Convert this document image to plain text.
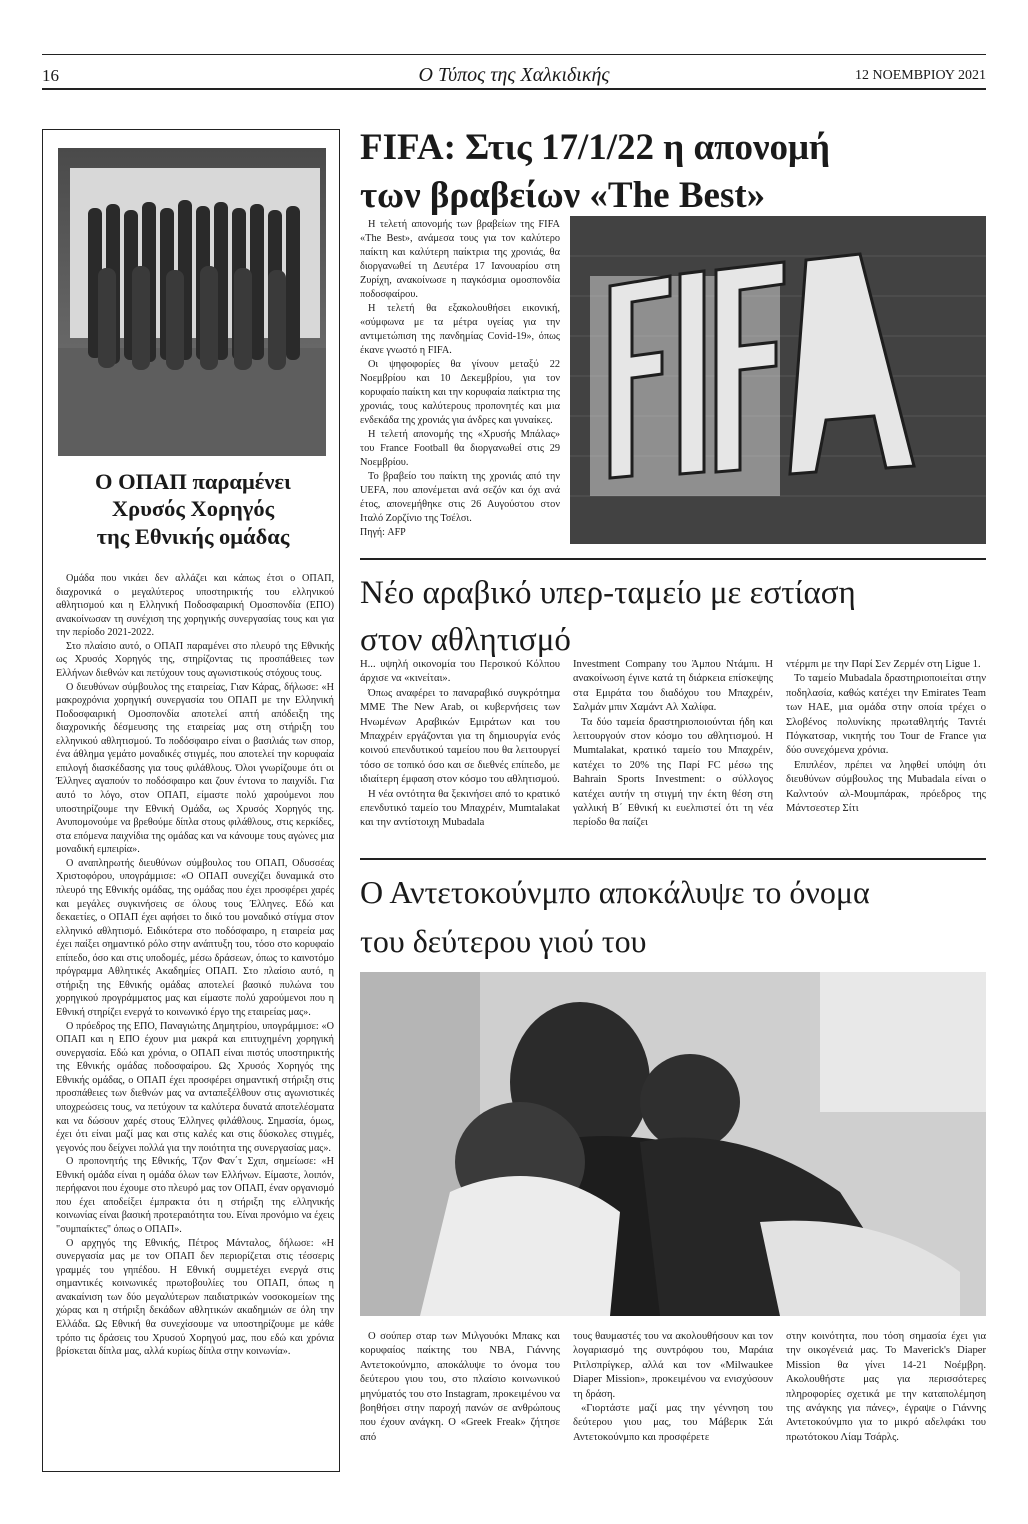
16	Ο Τύπος της Χαλκιδικής	12 ΝΟΕΜΒΡΙΟΥ 2021
Ο ΟΠΑΠ παραμένει
Χρυσός Χορηγός
της Εθνικής ομάδας

Ομάδα που νικάει δεν αλλάζει και κάπως έτσι ο ΟΠΑΠ, διαχρονικά ο μεγαλύτερος υποστηρικτής του ελληνικού αθλητισμού και η Ελληνική Ποδοσφαιρική Ομοσπονδία (ΕΠΟ) ανακοίνωσαν τη συνέχιση της χορηγικής συνεργασίας τους και για την περίοδο 2021-2022.

Στο πλαίσιο αυτό, ο ΟΠΑΠ παραμένει στο πλευρό της Εθνικής ως Χρυσός Χορηγός της, στηρίζοντας τις προσπάθειες των Ελλήνων διεθνών και πετύχουν τους αγωνιστικούς στόχους τους.

Ο διευθύνων σύμβουλος της εταιρείας, Γιαν Κάρας, δήλωσε: «Η μακροχρόνια χορηγική συνεργασία του ΟΠΑΠ με την Ελληνική Ποδοσφαιρική Ομοσπονδία αποτελεί απτή απόδειξη της διαχρονικής δέσμευσης της εταιρείας μας στη στήριξη του ελληνικού αθλητισμού. Το ποδόσφαιρο είναι ο βασιλιάς των σπορ, ένα άθλημα γεμάτο μοναδικές στιγμές, που αποτελεί την κορυφαία επιλογή διασκέδασης για τους φιλάθλους. Όλοι γνωρίζουμε ότι οι Έλληνες αγαπούν το ποδόσφαιρο και ζουν έντονα το παιχνίδι. Για αυτό το λόγο, στον ΟΠΑΠ, είμαστε πολύ χαρούμενοι που υποστηρίζουμε την Εθνική Ομάδα, ως Χρυσός Χορηγός της. Ανυπομονούμε να βρεθούμε δίπλα στους φιλάθλους, στις κερκίδες, στα επόμενα παιχνίδια της ομάδας και να κάνουμε τους αγώνες μια μοναδική εμπειρία».

Ο αναπληρωτής διευθύνων σύμβουλος του ΟΠΑΠ, Οδυσσέας Χριστοφόρου, υπογράμμισε: «Ο ΟΠΑΠ συνεχίζει δυναμικά στο πλευρό της Εθνικής ομάδας, της ομάδας που έχει προσφέρει χαρές και μεγάλες συγκινήσεις σε όλους τους Έλληνες. Εδώ και δεκαετίες, ο ΟΠΑΠ έχει αφήσει το δικό του μοναδικό στίγμα στον ελληνικό αθλητισμό. Ειδικότερα στο ποδόσφαιρο, η εταιρεία μας έχει παίξει σημαντικό ρόλο στην ανάπτυξη του, τόσο στο κορυφαίο επίπεδο, όσο και στις υποδομές, μέσω δράσεων, όπως το καινοτόμο πρόγραμμα Αθλητικές Ακαδημίες ΟΠΑΠ. Στο πλαίσιο αυτό, η στήριξη της Εθνικής ομάδας αποτελεί βασικό πυλώνα του χορηγικού προγράμματος μας και είμαστε πολύ χαρούμενοι που η Εθνική στηρίζει ενεργά το κοινωνικό έργο της εταιρείας μας».

Ο πρόεδρος της ΕΠΟ, Παναγιώτης Δημητρίου, υπογράμμισε: «Ο ΟΠΑΠ και η ΕΠΟ έχουν μια μακρά και επιτυχημένη χορηγική συνεργασία. Εδώ και χρόνια, ο ΟΠΑΠ είναι πιστός υποστηρικτής της Εθνικής ομάδας ποδοσφαίρου. Ως Χρυσός Χορηγός της Εθνικής ομάδας, ο ΟΠΑΠ έχει προσφέρει σημαντική στήριξη στις προσπάθειες των διεθνών μας να ανταπεξέλθουν στις αγωνιστικές υποχρεώσεις τους, να πετύχουν τα καλύτερα δυνατά αποτελέσματα και να δώσουν χαρές στους Έλληνες φιλάθλους. Σημασία, όμως, έχει ότι είναι μαζί μας και στις καλές και στις δύσκολες στιγμές, γεγονός που δείχνει πολλά για την ποιότητα της συνεργασίας μας».

Ο προπονητής της Εθνικής, Τζον Φαν΄τ Σχιπ, σημείωσε: «Η Εθνική ομάδα είναι η ομάδα όλων των Ελλήνων. Είμαστε, λοιπόν, περήφανοι που έχουμε στο πλευρό μας τον ΟΠΑΠ, έναν οργανισμό που έχει αποδείξει έμπρακτα ότι η στήριξη της ελληνικής κοινωνίας είναι βασική προτεραιότητα του. Είναι προνόμιο να έχεις "συμπαίκτες" όπως ο ΟΠΑΠ».

Ο αρχηγός της Εθνικής, Πέτρος Μάνταλος, δήλωσε: «Η συνεργασία μας με τον ΟΠΑΠ δεν περιορίζεται στις τέσσερις γραμμές του γηπέδου. Η Εθνική συμμετέχει ενεργά στις σημαντικές κοινωνικές πρωτοβουλίες του ΟΠΑΠ, όπως η ανακαίνιση των δύο μεγαλύτερων παιδιατρικών νοσοκομείων της χώρας και η στήριξη δεκάδων αθλητικών ακαδημιών σε όλη την Ελλάδα. Ως Εθνική θα συνεχίσουμε να υποστηρίζουμε με κάθε τρόπο τις δράσεις του Χρυσού Χορηγού μας, που εδώ και χρόνια βρίσκεται δίπλα μας, αλλά κυρίως δίπλα στην κοινωνία».

FIFA: Στις 17/1/22 η απονομή
των βραβείων «The Best»

Η τελετή απονομής των βραβείων της FIFA «The Best», ανάμεσα τους για τον καλύτερο παίκτη και καλύτερη παίκτρια της χρονιάς, θα διοργανωθεί τη Δευτέρα 17 Ιανουαρίου στη Ζυρίχη, ανακοίνωσε η παγκόσμια ομοσπονδία ποδοσφαίρου.

Η τελετή θα εξακολουθήσει εικονική, «σύμφωνα με τα μέτρα υγείας για την αντιμετώπιση της πανδημίας Covid-19», όπως έκανε γνωστό η FIFA.

Οι ψηφοφορίες θα γίνουν μεταξύ 22 Νοεμβρίου και 10 Δεκεμβρίου, για τον κορυφαίο παίκτη και την κορυφαία παίκτρια της χρονιάς, τους καλύτερους προπονητές και μια ενδεκάδα της χρονιάς για άνδρες και γυναίκες.

Η τελετή απονομής της «Χρυσής Μπάλας» του France Football θα διοργανωθεί στις 29 Νοεμβρίου.

Το βραβείο του παίκτη της χρονιάς από την UEFA, που απονέμεται ανά σεζόν και όχι ανά έτος, απονεμήθηκε στις 26 Αυγούστου στον Ιταλό Ζορζίνιο της Τσέλσι.

Πηγή: AFP

Νέο αραβικό υπερ-ταμείο με εστίαση
στον αθλητισμό

Η... υψηλή οικονομία του Περσικού Κόλπου άρχισε να «κινείται».

Όπως αναφέρει το παναραβικό συγκρότημα ΜΜΕ The New Arab, οι κυβερνήσεις των Ηνωμένων Αραβικών Εμιράτων και του Μπαχρέιν εργάζονται για τη δημιουργία ενός κοινού επενδυτικού ταμείου που θα λειτουργεί τόσο σε τοπικό όσο και σε διεθνές επίπεδο, με ιδιαίτερη έμφαση στον κόσμο του αθλητισμού.

Η νέα οντότητα θα ξεκινήσει από το κρατικό επενδυτικό ταμείο του Μπαχρέιν, Mumtalakat και την αντίστοιχη Mubadala

Investment Company του Άμπου Ντάμπι. Η ανακοίνωση έγινε κατά τη διάρκεια επίσκεψης στα Εμιράτα του διαδόχου του Μπαχρέιν, Σαλμάν μπιν Χαμάντ Αλ Χαλίφα.

Τα δύο ταμεία δραστηριοποιούνται ήδη και λειτουργούν στον κόσμο του αθλητισμού. Η Mumtalakat, κρατικό ταμείο του Μπαχρέιν, κατέχει το 20% της Παρί FC μέσω της Bahrain Sports Investment: ο σύλλογος κατέχει αυτήν τη στιγμή την έκτη θέση στη γαλλική Β΄ Εθνική κι ευελπιστεί ότι τη νέα περίοδο θα παίζει

ντέρμπι με την Παρί Σεν Ζερμέν στη Ligue 1.

Το ταμείο Mubadala δραστηριοποιείται στην ποδηλασία, καθώς κατέχει την Emirates Team των ΗΑΕ, μια ομάδα στην οποία τρέχει ο Σλοβένος πολυνίκης πρωταθλητής Ταντέι Πόγκατσαρ, νικητής του Tour de France για δύο συνεχόμενα χρόνια.

Επιπλέον, πρέπει να ληφθεί υπόψη ότι διευθύνων σύμβουλος της Mubadala είναι ο Καλντούν αλ-Μουμπάρακ, πρόεδρος της Μάντσεστερ Σίτι

Ο Αντετοκούνμπο αποκάλυψε το όνομα
του δεύτερου γιού του

Ο σούπερ σταρ των Μιλγουόκι Μπακς και κορυφαίος παίκτης του NBA, Γιάννης Αντετοκούνμπο, αποκάλυψε το όνομα του δεύτερου γιου του, στο πλαίσιο κοινωνικού μηνύματός του στο Instagram, προκειμένου να βοηθήσει στην παροχή πανών σε ανθρώπους που έχουν ανάγκη. Ο «Greek Freak» ζήτησε από

τους θαυμαστές του να ακολουθήσουν και τον λογαριασμό της συντρόφου του, Μαράια Ριτλσπρίγκερ, αλλά και τον «Milwaukee Diaper Mission», προκειμένου να ενισχύσουν τη δράση.

«Γιορτάστε μαζί μας την γέννηση του δεύτερου γιου μας, του Μάβερικ Σάι Αντετοκούνμπο και προσφέρετε

στην κοινότητα, που τόση σημασία έχει για την οικογένειά μας. Το Maverick's Diaper Mission θα γίνει 14-21 Νοέμβρη. Ακολουθήστε μας για περισσότερες πληροφορίες σχετικά με την καταπολέμηση της ανάγκης για πάνες», έγραψε ο Γιάννης Αντετοκούνμπο για το μικρό αδελφάκι του πρωτότοκου Λίαμ Τσάρλς.
